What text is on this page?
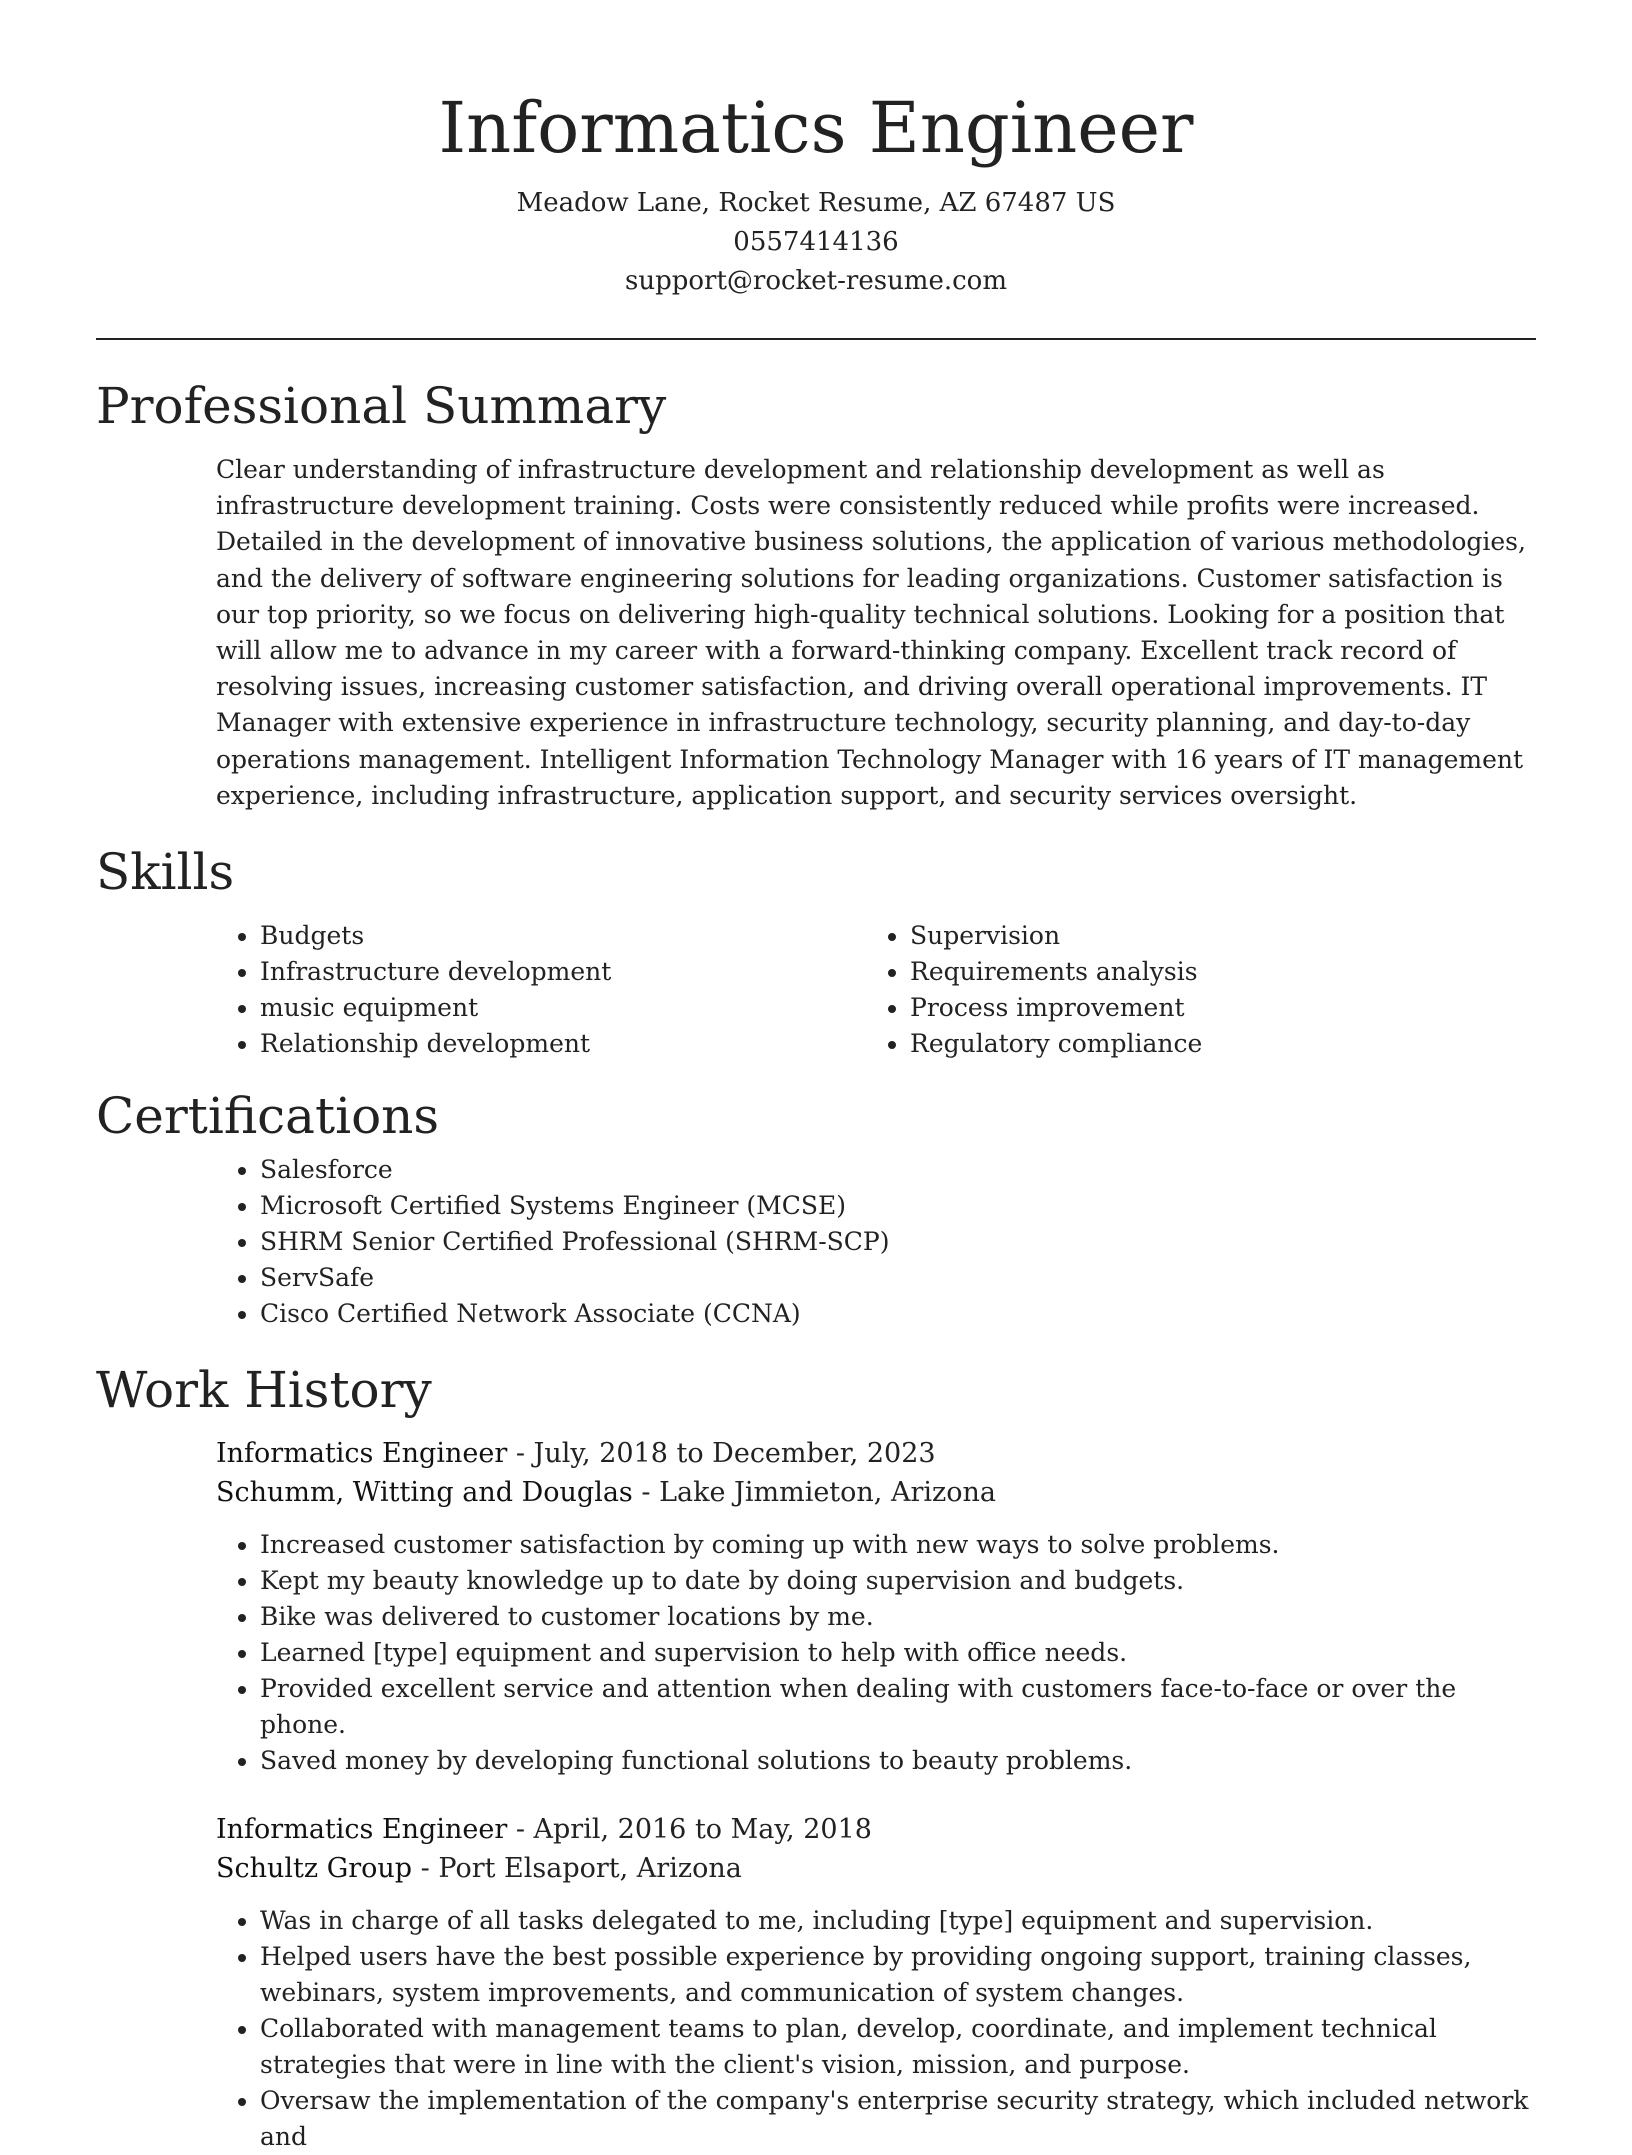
Informatics Engineer
Meadow Lane, Rocket Resume, AZ 67487 US
0557414136
support@rocket-resume.com
Professional Summary

Clear understanding of infrastructure development and relationship development as well as infrastructure development training. Costs were consistently reduced while profits were increased. Detailed in the development of innovative business solutions, the application of various methodologies, and the delivery of software engineering solutions for leading organizations. Customer satisfaction is our top priority, so we focus on delivering high-quality technical solutions. Looking for a position that will allow me to advance in my career with a forward-thinking company. Excellent track record of resolving issues, increasing customer satisfaction, and driving overall operational improvements. IT Manager with extensive experience in infrastructure technology, security planning, and day-to-day operations management. Intelligent Information Technology Manager with 16 years of IT management experience, including infrastructure, application support, and security services oversight.

Skills
• Budgets
• Infrastructure development
• music equipment
• Relationship development
• Supervision
• Requirements analysis
• Process improvement
• Regulatory compliance
Certifications
• Salesforce
• Microsoft Certified Systems Engineer (MCSE)
• SHRM Senior Certified Professional (SHRM-SCP)
• ServSafe
• Cisco Certified Network Associate (CCNA)
Work History
Informatics Engineer - July, 2018 to December, 2023
Schumm, Witting and Douglas - Lake Jimmieton, Arizona
• Increased customer satisfaction by coming up with new ways to solve problems.
• Kept my beauty knowledge up to date by doing supervision and budgets.
• Bike was delivered to customer locations by me.
• Learned [type] equipment and supervision to help with office needs.
• Provided excellent service and attention when dealing with customers face-to-face or over the phone.
• Saved money by developing functional solutions to beauty problems.
Informatics Engineer - April, 2016 to May, 2018
Schultz Group - Port Elsaport, Arizona
• Was in charge of all tasks delegated to me, including [type] equipment and supervision.
• Helped users have the best possible experience by providing ongoing support, training classes, webinars, system improvements, and communication of system changes.
• Collaborated with management teams to plan, develop, coordinate, and implement technical strategies that were in line with the client's vision, mission, and purpose.
• Oversaw the implementation of the company's enterprise security strategy, which included network and
